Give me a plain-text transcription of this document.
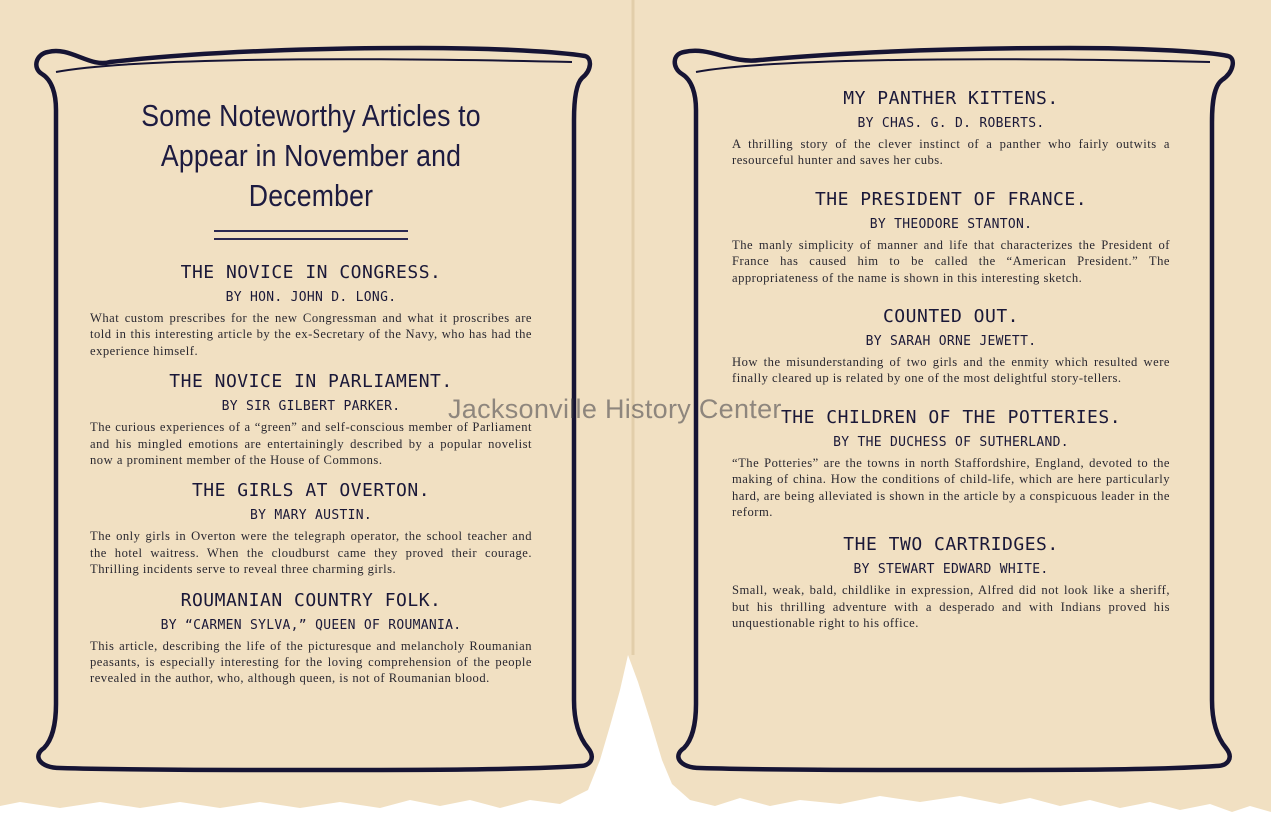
Some Noteworthy Articles to
Appear in November and December
THE NOVICE IN CONGRESS.
BY HON. JOHN D. LONG.
What custom prescribes for the new Congressman and what it proscribes are told in this interesting article by the ex-Secretary of the Navy, who has had the experience himself.
THE NOVICE IN PARLIAMENT.
BY SIR GILBERT PARKER.
The curious experiences of a “green” and self-conscious member of Parliament and his mingled emotions are entertainingly described by a popular novelist now a prominent member of the House of Commons.
THE GIRLS AT OVERTON.
BY MARY AUSTIN.
The only girls in Overton were the telegraph operator, the school teacher and the hotel waitress. When the cloudburst came they proved their courage. Thrilling incidents serve to reveal three charming girls.
ROUMANIAN COUNTRY FOLK.
BY “CARMEN SYLVA,” QUEEN OF ROUMANIA.
This article, describing the life of the picturesque and melancholy Roumanian peasants, is especially interesting for the loving comprehension of the people revealed in the author, who, although queen, is not of Roumanian blood.
MY PANTHER KITTENS.
BY CHAS. G. D. ROBERTS.
A thrilling story of the clever instinct of a panther who fairly outwits a resourceful hunter and saves her cubs.
THE PRESIDENT OF FRANCE.
BY THEODORE STANTON.
The manly simplicity of manner and life that characterizes the President of France has caused him to be called the “American President.” The appropriateness of the name is shown in this interesting sketch.
COUNTED OUT.
BY SARAH ORNE JEWETT.
How the misunderstanding of two girls and the enmity which resulted were finally cleared up is related by one of the most delightful story-tellers.
THE CHILDREN OF THE POTTERIES.
BY THE DUCHESS OF SUTHERLAND.
“The Potteries” are the towns in north Staffordshire, England, devoted to the making of china. How the conditions of child-life, which are here particularly hard, are being alleviated is shown in the article by a conspicuous leader in the reform.
THE TWO CARTRIDGES.
BY STEWART EDWARD WHITE.
Small, weak, bald, childlike in expression, Alfred did not look like a sheriff, but his thrilling adventure with a desperado and with Indians proved his unquestionable right to his office.
Jacksonville History Center
